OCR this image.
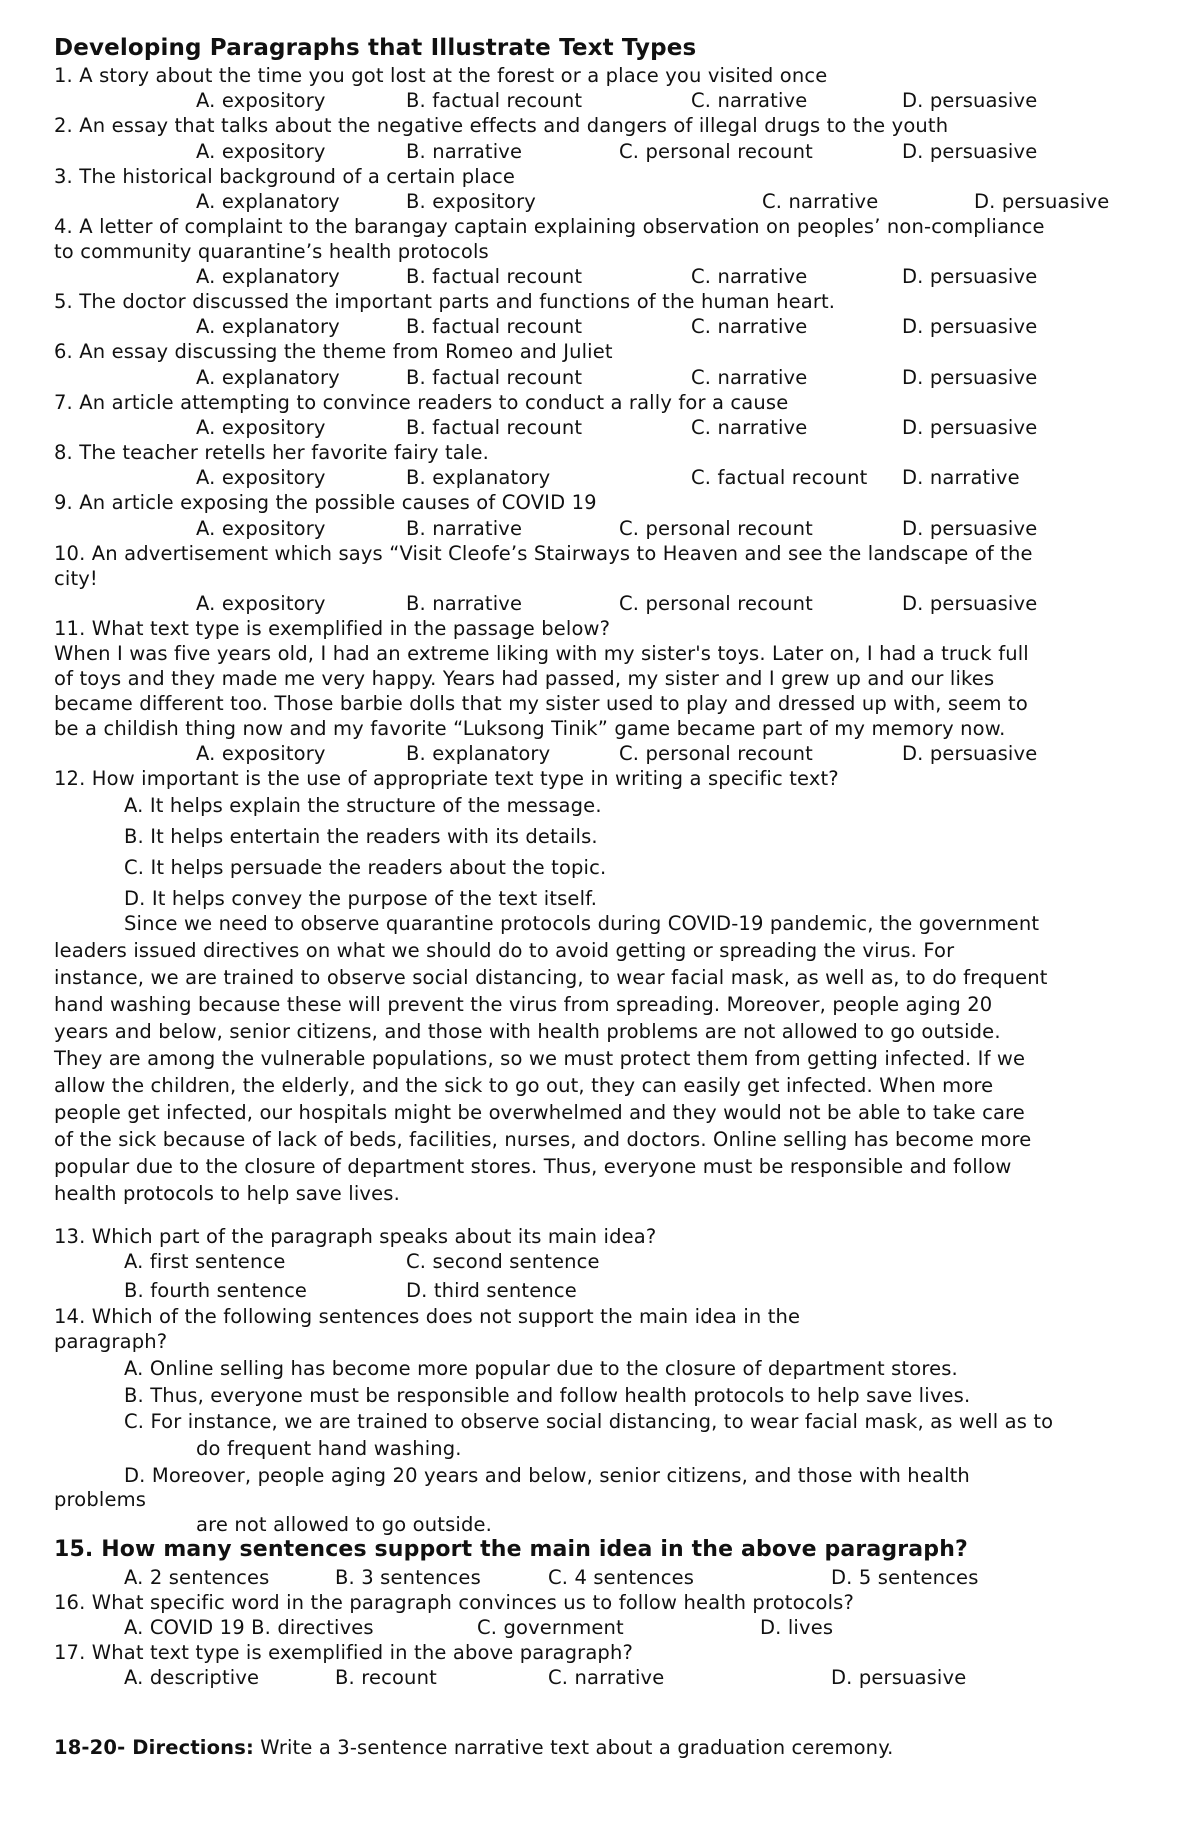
Developing Paragraphs that Illustrate Text Types
1. A story about the time you got lost at the forest or a place you visited once
A. expository	B. factual recount	C. narrative	D. persuasive
2. An essay that talks about the negative effects and dangers of illegal drugs to the youth
A. expository	B. narrative	C. personal recount	D. persuasive
3. The historical background of a certain place
A. explanatory	B. expository	C. narrative	D. persuasive
4. A letter of complaint to the barangay captain explaining observation on peoples’ non-compliance
to community quarantine’s health protocols
A. explanatory	B. factual recount	C. narrative	D. persuasive
5. The doctor discussed the important parts and functions of the human heart.
A. explanatory	B. factual recount	C. narrative	D. persuasive
6. An essay discussing the theme from Romeo and Juliet
A. explanatory	B. factual recount	C. narrative	D. persuasive
7. An article attempting to convince readers to conduct a rally for a cause
A. expository	B. factual recount	C. narrative	D. persuasive
8. The teacher retells her favorite fairy tale.
A. expository	B. explanatory	C. factual recount D. narrative
9. An article exposing the possible causes of COVID 19
A. expository	B. narrative	C. personal recount	D. persuasive
10. An advertisement which says “Visit Cleofe’s Stairways to Heaven and see the landscape of the
city!
A. expository	B. narrative	C. personal recount	D. persuasive
11. What text type is exemplified in the passage below?
When I was five years old, I had an extreme liking with my sister's toys. Later on, I had a truck full
of toys and they made me very happy. Years had passed, my sister and I grew up and our likes
became different too. Those barbie dolls that my sister used to play and dressed up with, seem to
be a childish thing now and my favorite “Luksong Tinik” game became part of my memory now.
A. expository	B. explanatory	C. personal recount	D. persuasive
12. How important is the use of appropriate text type in writing a specific text?
A. It helps explain the structure of the message.
B. It helps entertain the readers with its details.
C. It helps persuade the readers about the topic.
D. It helps convey the purpose of the text itself.
Since we need to observe quarantine protocols during COVID-19 pandemic, the government
leaders issued directives on what we should do to avoid getting or spreading the virus. For
instance, we are trained to observe social distancing, to wear facial mask, as well as, to do frequent
hand washing because these will prevent the virus from spreading. Moreover, people aging 20
years and below, senior citizens, and those with health problems are not allowed to go outside.
They are among the vulnerable populations, so we must protect them from getting infected. If we
allow the children, the elderly, and the sick to go out, they can easily get infected. When more
people get infected, our hospitals might be overwhelmed and they would not be able to take care
of the sick because of lack of beds, facilities, nurses, and doctors. Online selling has become more
popular due to the closure of department stores. Thus, everyone must be responsible and follow
health protocols to help save lives.
13. Which part of the paragraph speaks about its main idea?
A. first sentence	C. second sentence
B. fourth sentence	D. third sentence
14. Which of the following sentences does not support the main idea in the
paragraph?
A. Online selling has become more popular due to the closure of department stores.
B. Thus, everyone must be responsible and follow health protocols to help save lives.
C. For instance, we are trained to observe social distancing, to wear facial mask, as well as to
do frequent hand washing.
D. Moreover, people aging 20 years and below, senior citizens, and those with health
problems
are not allowed to go outside.
15. How many sentences support the main idea in the above paragraph?
A. 2 sentences	B. 3 sentences	C. 4 sentences	D. 5 sentences
16. What specific word in the paragraph convinces us to follow health protocols?
A. COVID 19 B. directives	C. government	D. lives
17. What text type is exemplified in the above paragraph?
A. descriptive	B. recount	C. narrative	D. persuasive
18-20- Directions: Write a 3-sentence narrative text about a graduation ceremony.
